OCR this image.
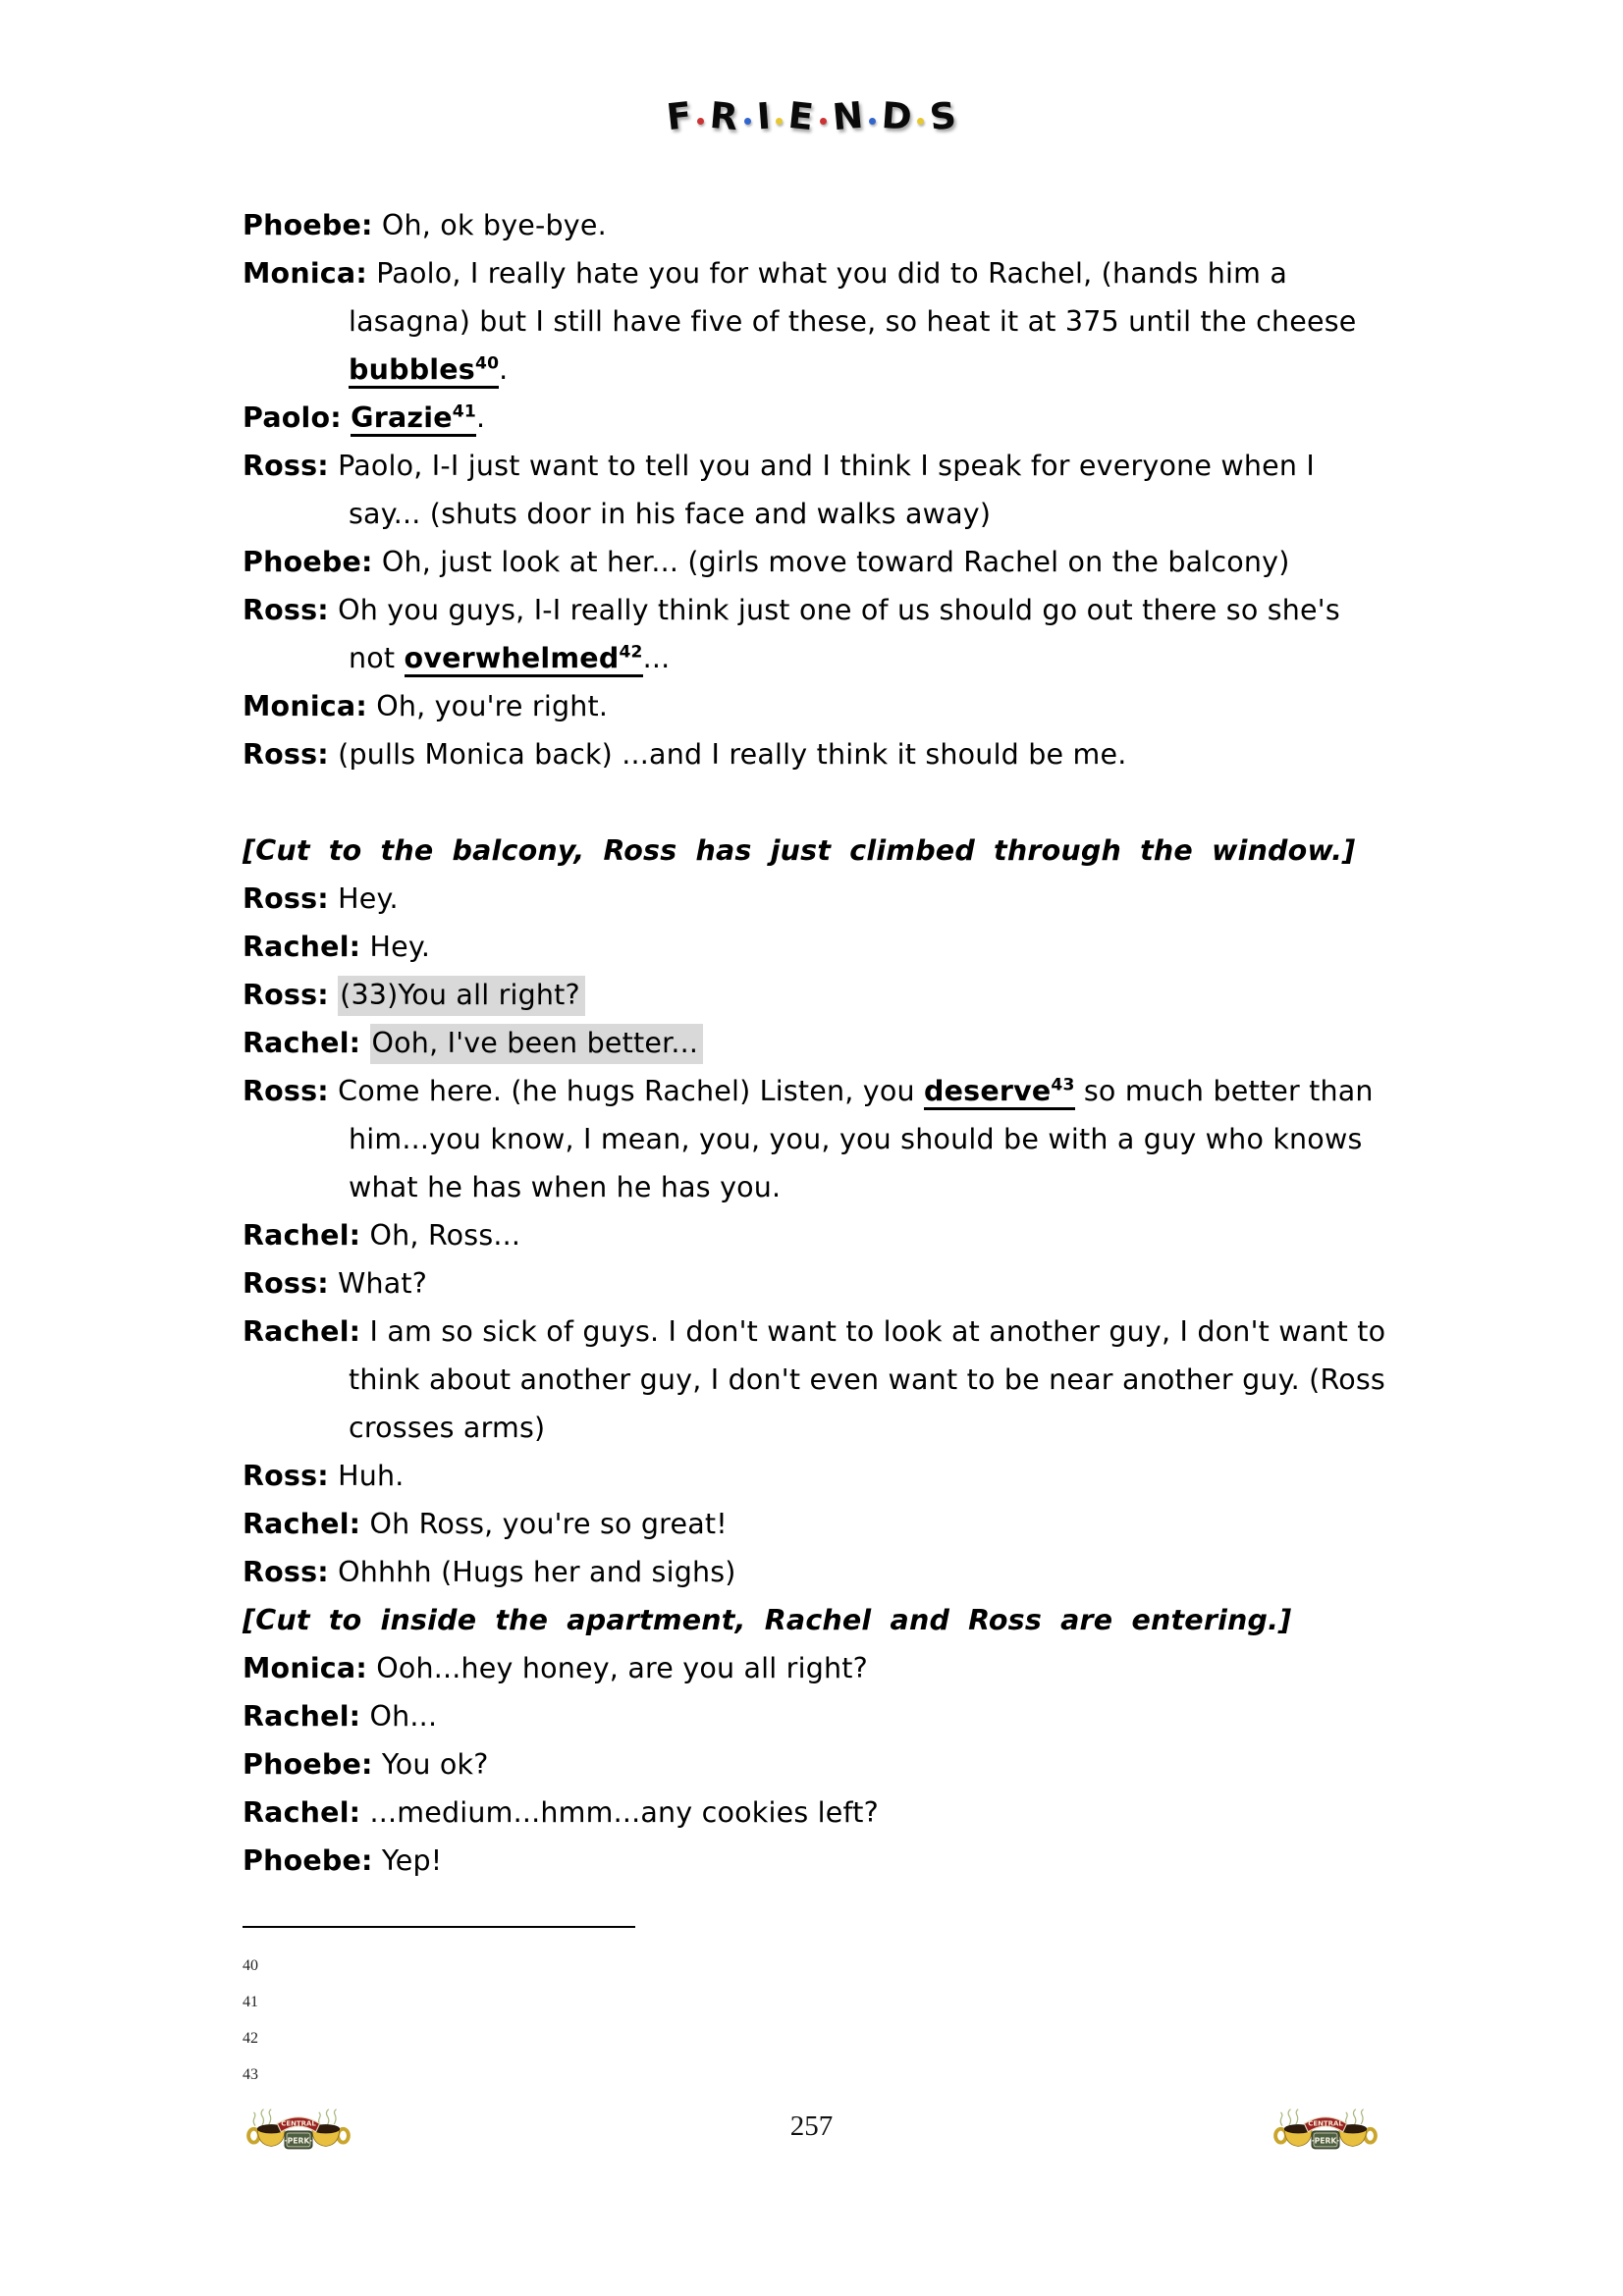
F R I E N D S
Phoebe: Oh, ok bye-bye.
Monica: Paolo, I really hate you for what you did to Rachel, (hands him a lasagna) but I still have five of these, so heat it at 375 until the cheese bubbles$^{40}$.
Paolo: Grazie$^{41}$.
Ross: Paolo, I-I just want to tell you and I think I speak for everyone when I say... (shuts door in his face and walks away)
Phoebe: Oh, just look at her... (girls move toward Rachel on the balcony)
Ross: Oh you guys, I-I really think just one of us should go out there so she's not overwhelmed$^{42}$...
Monica: Oh, you're right.
Ross: (pulls Monica back) ...and I really think it should be me.
[Cut to the balcony, Ross has just climbed through the window.]
Ross: Hey.
Rachel: Hey.
Ross: (33)You all right?
Rachel: Ooh, I've been better...
Ross: Come here. (he hugs Rachel) Listen, you deserve$^{43}$ so much better than him...you know, I mean, you, you, you should be with a guy who knows what he has when he has you.
Rachel: Oh, Ross...
Ross: What?
Rachel: I am so sick of guys. I don't want to look at another guy, I don't want to think about another guy, I don't even want to be near another guy. (Ross crosses arms)
Ross: Huh.
Rachel: Oh Ross, you're so great!
Ross: Ohhhh (Hugs her and sighs)
[Cut to inside the apartment, Rachel and Ross are entering.]
Monica: Ooh...hey honey, are you all right?
Rachel: Oh...
Phoebe: You ok?
Rachel: ...medium...hmm...any cookies left?
Phoebe: Yep!
40
41
42
43
257
CENTRAL
·PERK·
CENTRAL
·PERK·
